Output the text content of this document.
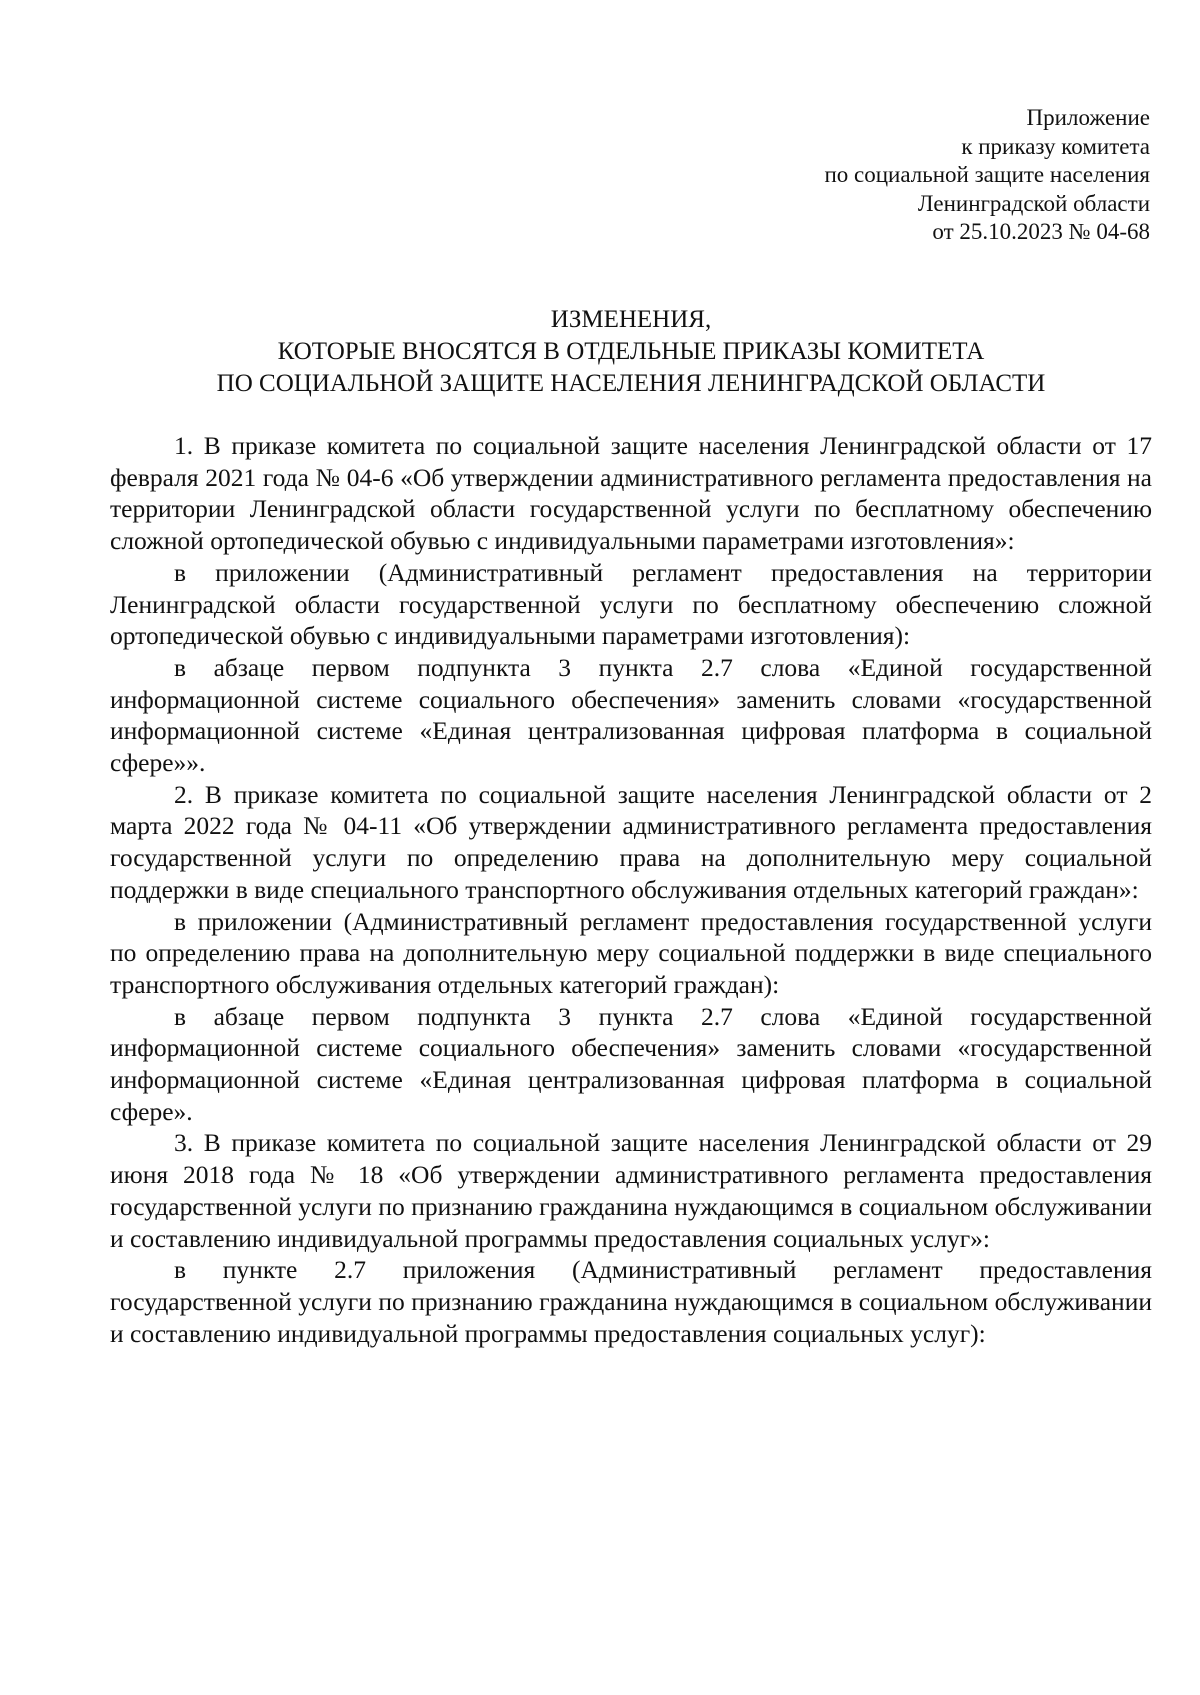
Приложение
к приказу комитета
по социальной защите населения
Ленинградской области
от 25.10.2023 № 04-68
ИЗМЕНЕНИЯ,
КОТОРЫЕ ВНОСЯТСЯ В ОТДЕЛЬНЫЕ ПРИКАЗЫ КОМИТЕТА
ПО СОЦИАЛЬНОЙ ЗАЩИТЕ НАСЕЛЕНИЯ ЛЕНИНГРАДСКОЙ ОБЛАСТИ

1. В приказе комитета по социальной защите населения Ленинградской области от 17 февраля 2021 года № 04-6 «Об утверждении административного регламента предоставления на территории Ленинградской области государственной услуги по бесплатному обеспечению сложной ортопедической обувью с индивидуальными параметрами изготовления»:

в приложении (Административный регламент предоставления на территории Ленинградской области государственной услуги по бесплатному обеспечению сложной ортопедической обувью с индивидуальными параметрами изготовления):

в абзаце первом подпункта 3 пункта 2.7 слова «Единой государственной информационной системе социального обеспечения» заменить словами «государственной информационной системе «Единая централизованная цифровая платформа в социальной сфере»».

2. В приказе комитета по социальной защите населения Ленинградской области от 2 марта 2022 года № 04-11 «Об утверждении административного регламента предоставления государственной услуги по определению права на дополнительную меру социальной поддержки в виде специального транспортного обслуживания отдельных категорий граждан»:

в приложении (Административный регламент предоставления государственной услуги по определению права на дополнительную меру социальной поддержки в виде специального транспортного обслуживания отдельных категорий граждан):

в абзаце первом подпункта 3 пункта 2.7 слова «Единой государственной информационной системе социального обеспечения» заменить словами «государственной информационной системе «Единая централизованная цифровая платформа в социальной сфере».

3. В приказе комитета по социальной защите населения Ленинградской области от 29 июня 2018 года № 18 «Об утверждении административного регламента предоставления государственной услуги по признанию гражданина нуждающимся в социальном обслуживании и составлению индивидуальной программы предоставления социальных услуг»:

в пункте 2.7 приложения (Административный регламент предоставления государственной услуги по признанию гражданина нуждающимся в социальном обслуживании и составлению индивидуальной программы предоставления социальных услуг):
